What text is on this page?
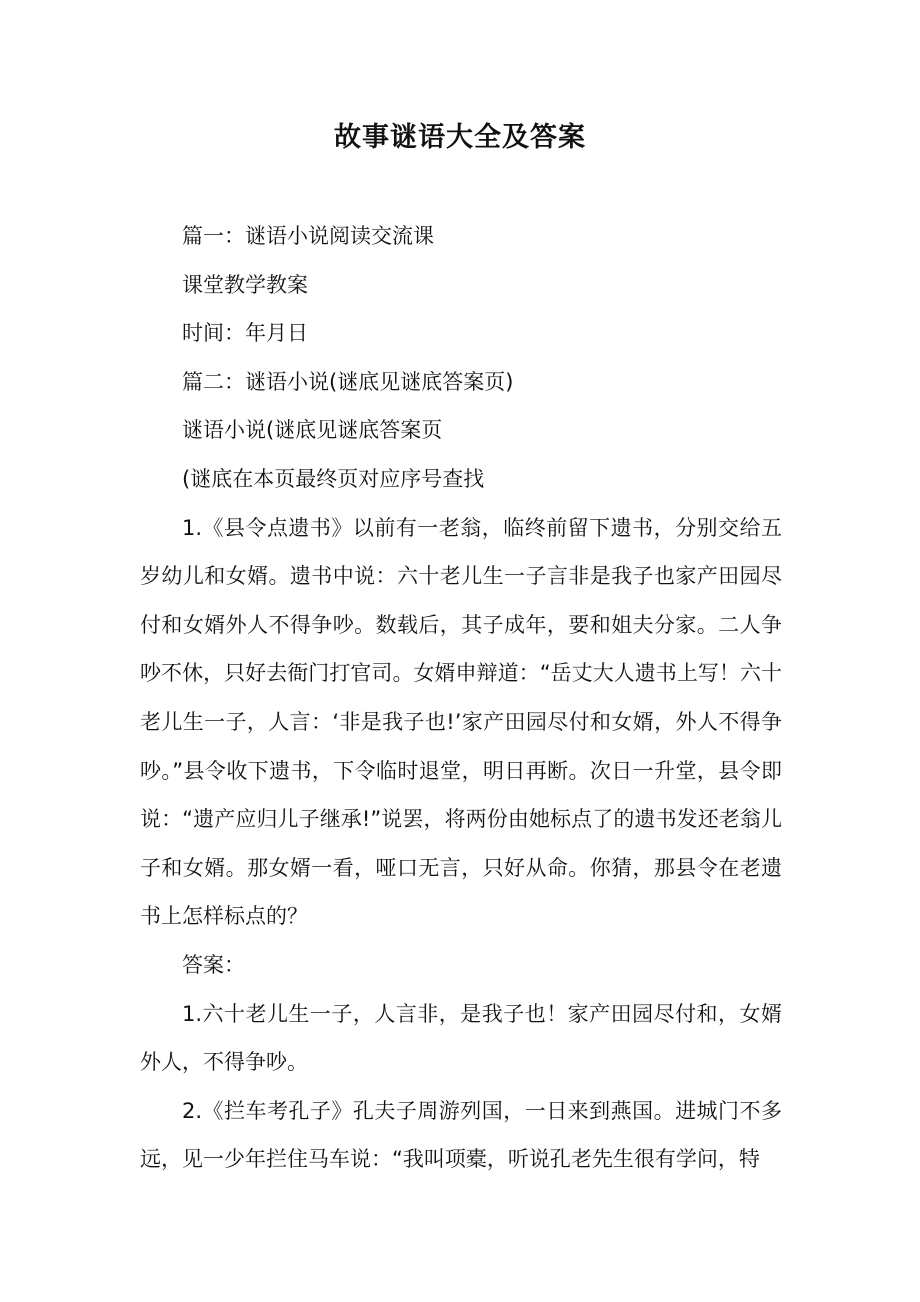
故事谜语大全及答案

篇一：谜语小说阅读交流课

课堂教学教案

时间：年月日

篇二：谜语小说(谜底见谜底答案页)

谜语小说(谜底见谜底答案页

(谜底在本页最终页对应序号查找

1.《县令点遗书》以前有一老翁，临终前留下遗书，分别交给五岁幼儿和女婿。遗书中说：六十老儿生一子言非是我子也家产田园尽付和女婿外人不得争吵。数载后，其子成年，要和姐夫分家。二人争吵不休，只好去衙门打官司。女婿申辩道：“岳丈大人遗书上写！六十老儿生一子，人言：‘非是我子也!’家产田园尽付和女婿，外人不得争吵。”县令收下遗书，下令临时退堂，明日再断。次日一升堂，县令即说：“遗产应归儿子继承!”说罢，将两份由她标点了的遗书发还老翁儿子和女婿。那女婿一看，哑口无言，只好从命。你猜，那县令在老遗书上怎样标点的？

答案：

1.六十老儿生一子，人言非，是我子也！家产田园尽付和，女婿外人，不得争吵。

2.《拦车考孔子》孔夫子周游列国，一日来到燕国。进城门不多远，见一少年拦住马车说：“我叫项橐，听说孔老先生很有学问，特
